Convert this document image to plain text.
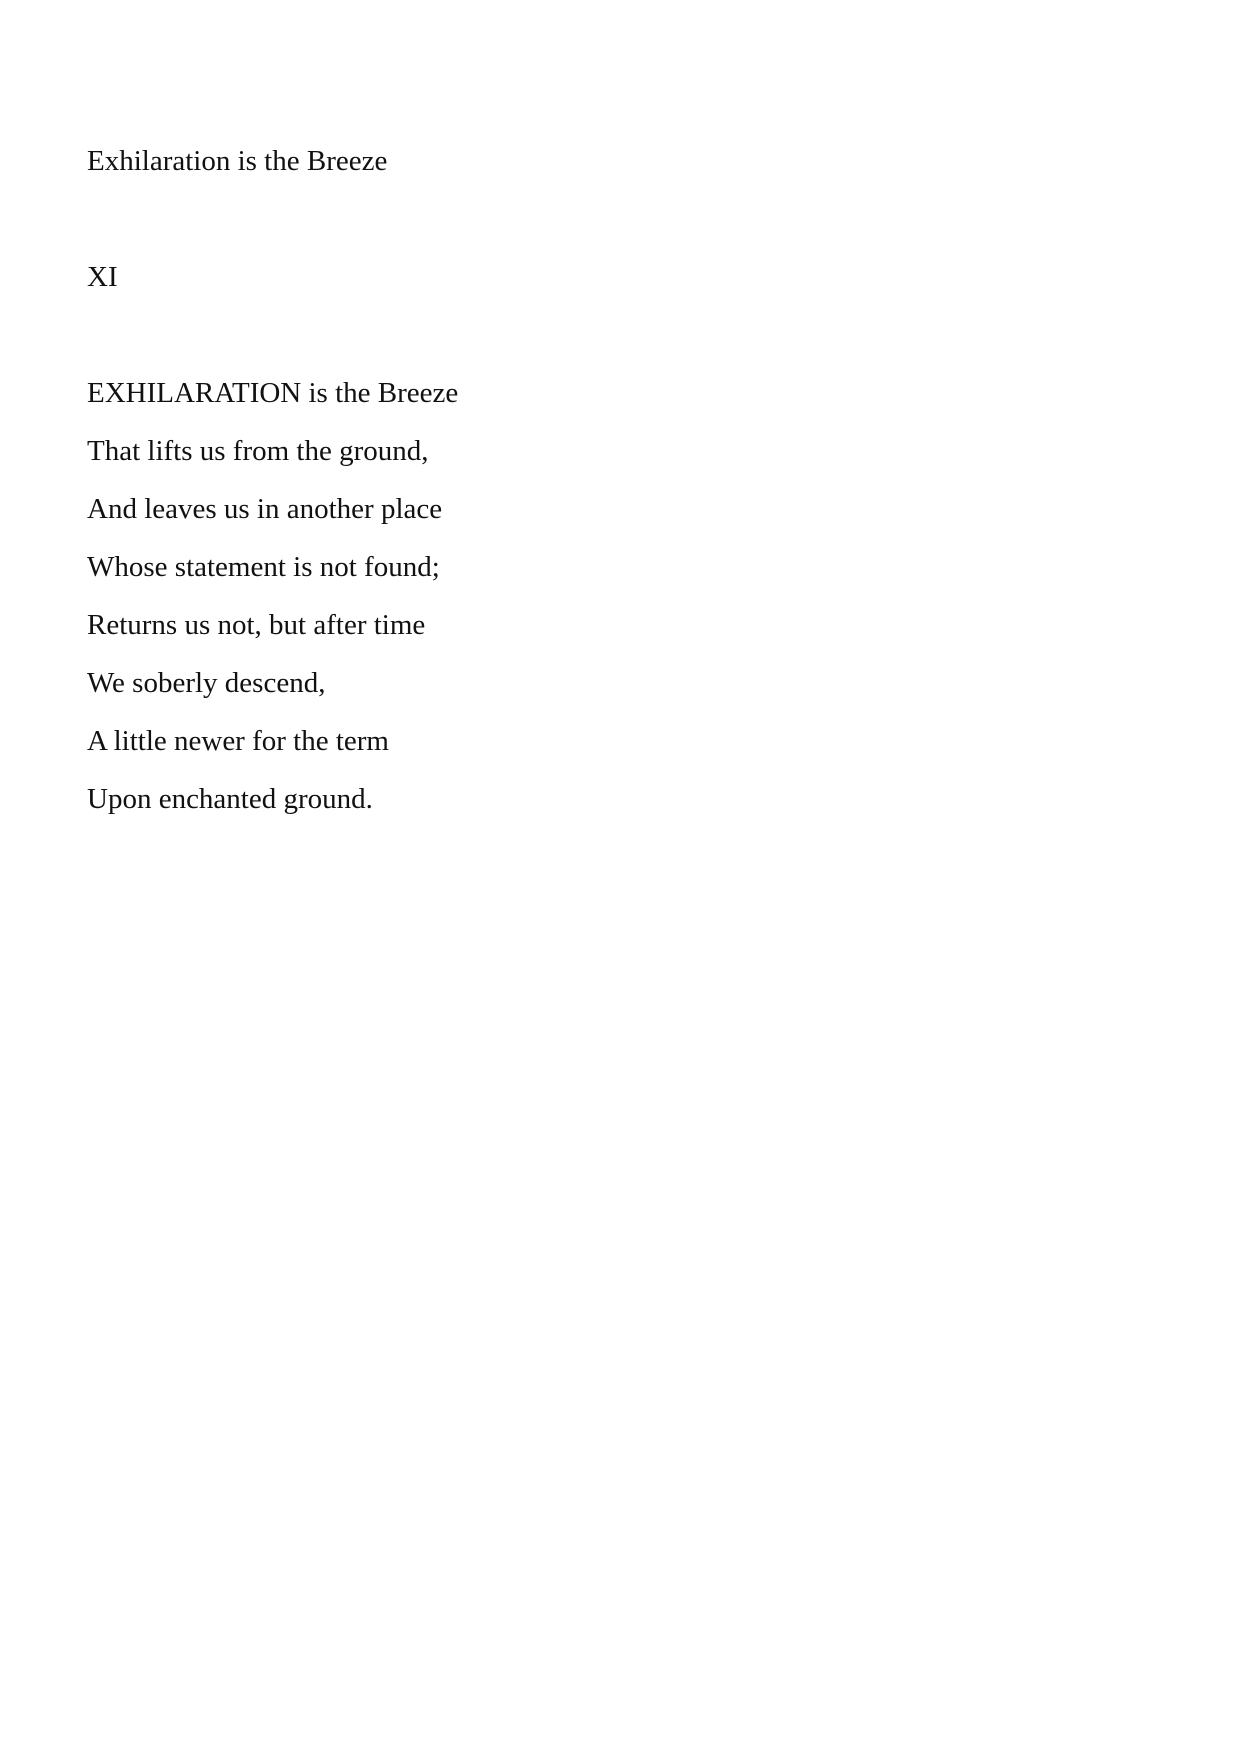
Exhilaration is the Breeze
XI
EXHILARATION is the Breeze
That lifts us from the ground,
And leaves us in another place
Whose statement is not found;
Returns us not, but after time
We soberly descend,
A little newer for the term
Upon enchanted ground.
